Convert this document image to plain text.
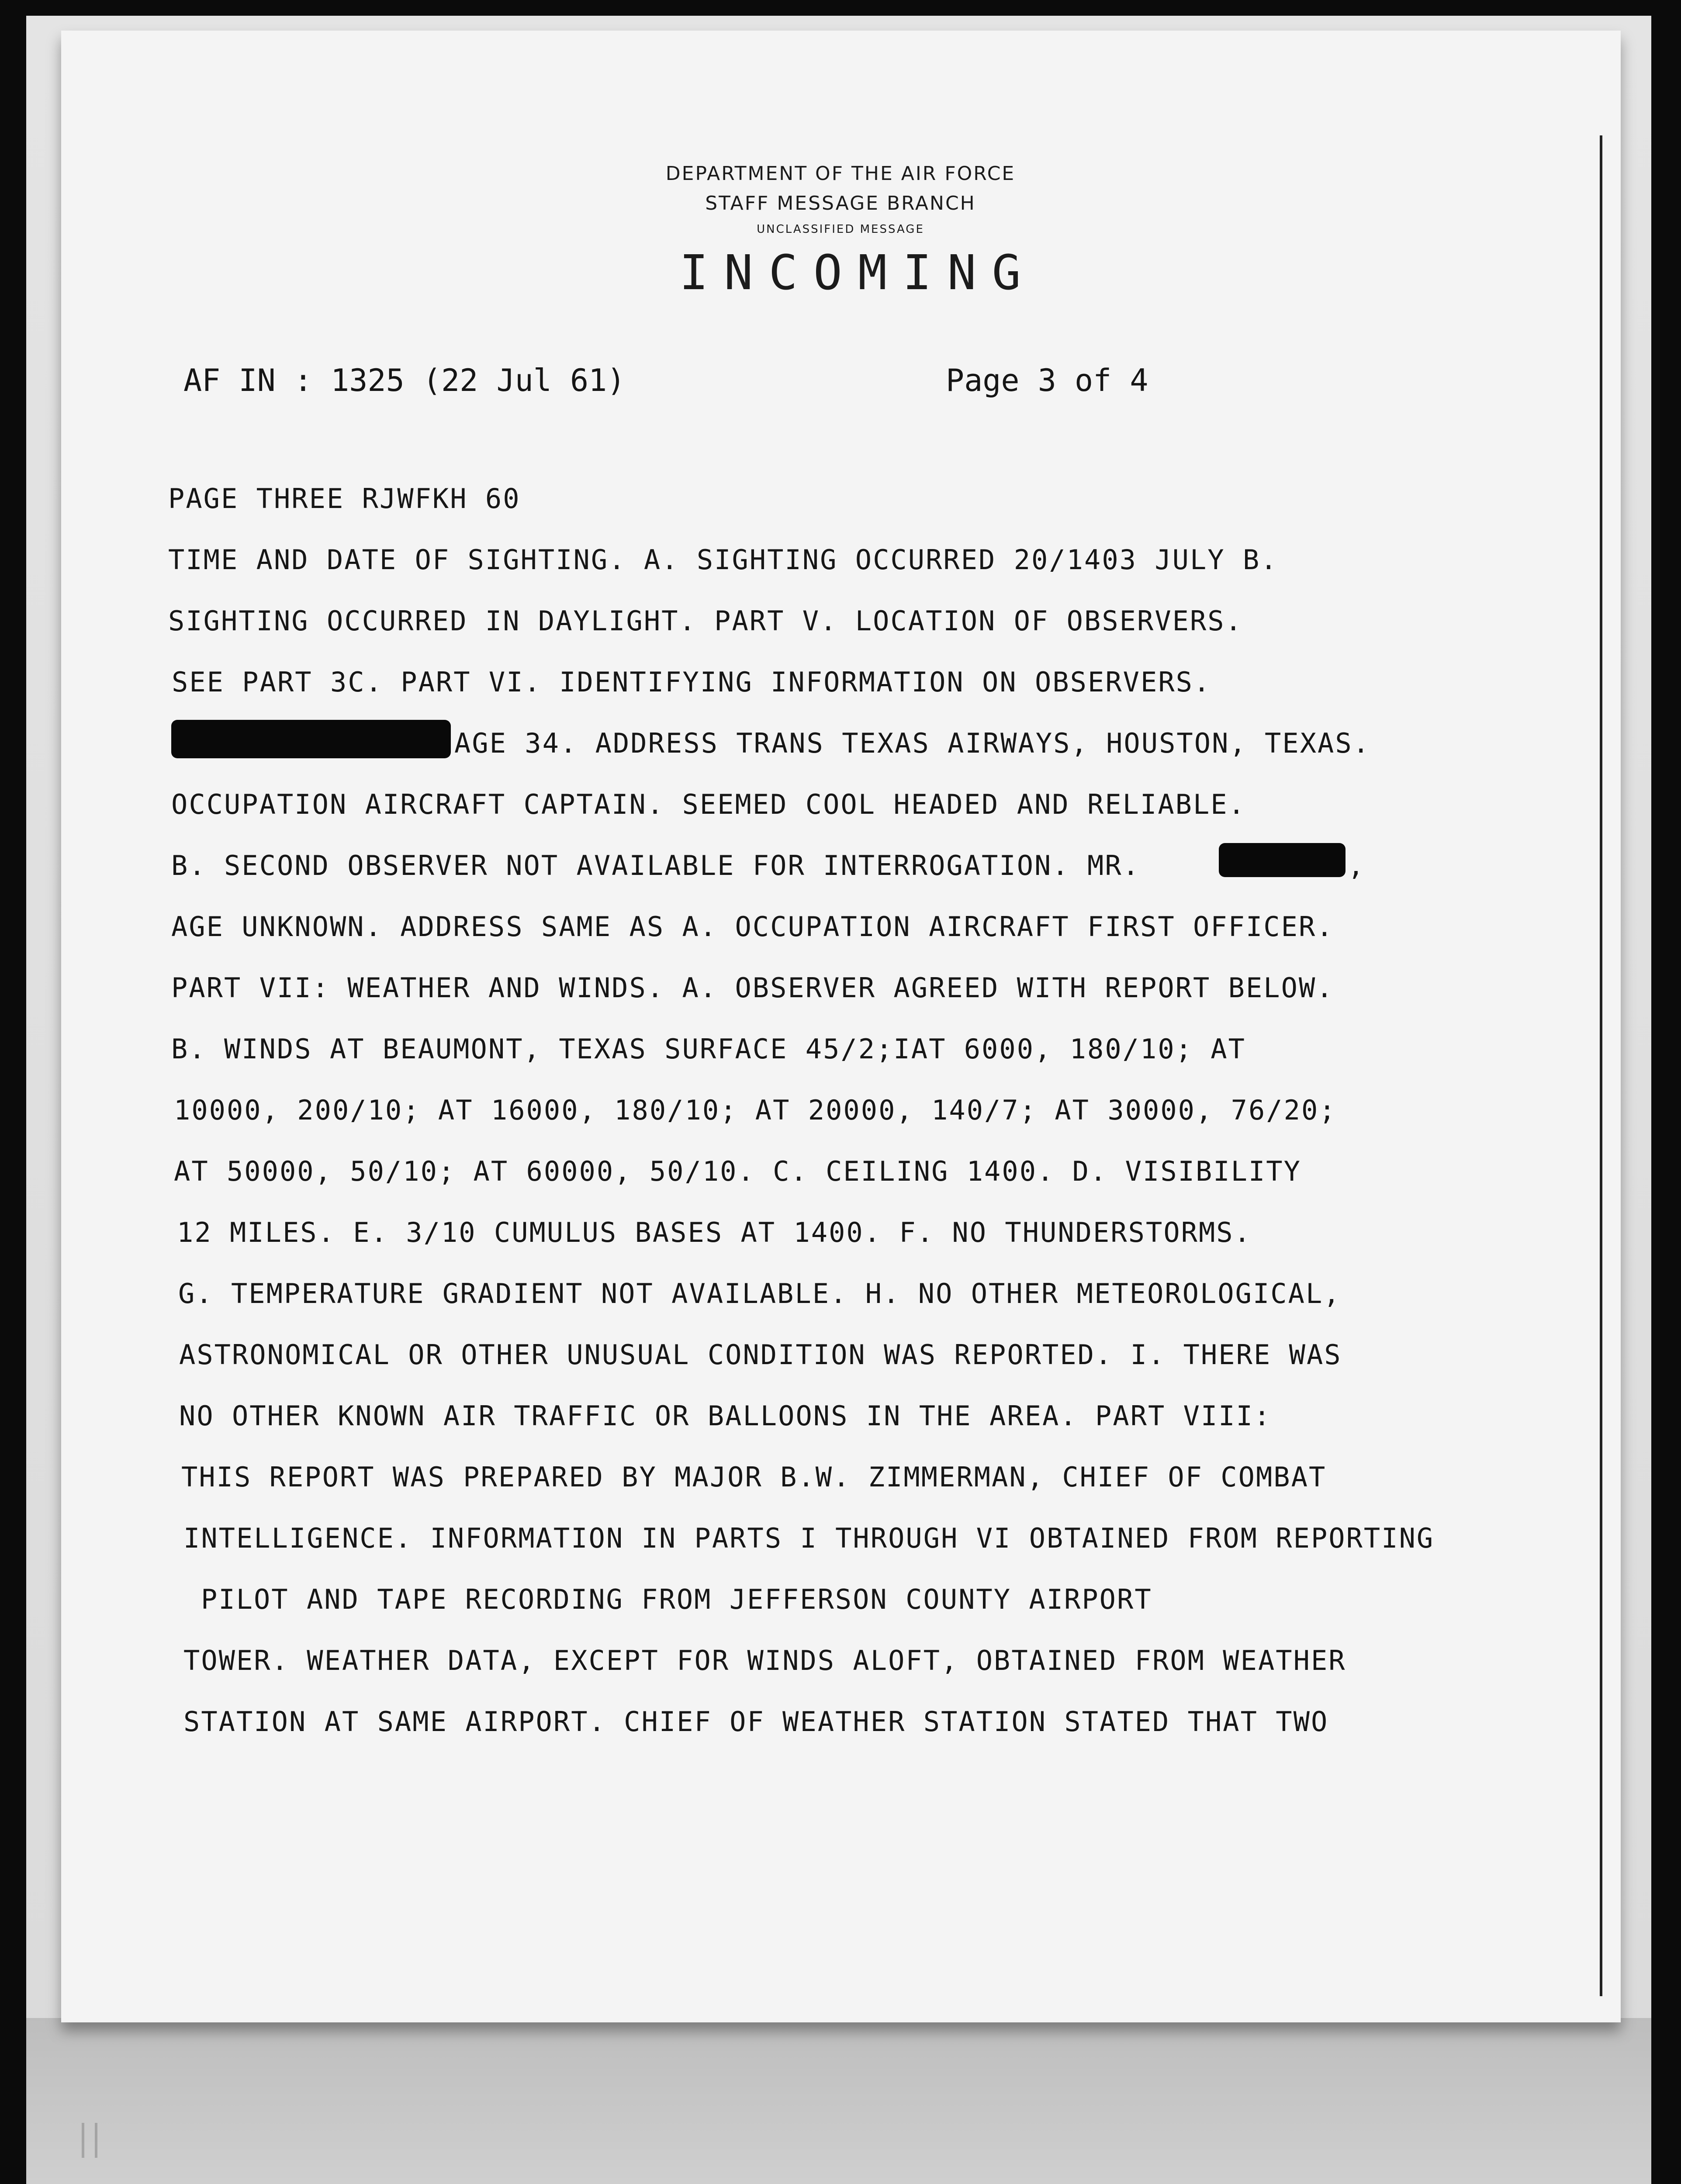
DEPARTMENT OF THE AIR FORCE
STAFF MESSAGE BRANCH
UNCLASSIFIED MESSAGE
INCOMING
AF IN : 1325 (22 Jul 61)	Page 3 of 4
PAGE THREE RJWFKH 60
TIME AND DATE OF SIGHTING. A. SIGHTING OCCURRED 20/1403 JULY B.
SIGHTING OCCURRED IN DAYLIGHT. PART V. LOCATION OF OBSERVERS.
SEE PART 3C. PART VI. IDENTIFYING INFORMATION ON OBSERVERS.
AGE 34. ADDRESS TRANS TEXAS AIRWAYS, HOUSTON, TEXAS.
OCCUPATION AIRCRAFT CAPTAIN. SEEMED COOL HEADED AND RELIABLE.
B. SECOND OBSERVER NOT AVAILABLE FOR INTERROGATION. MR.	,
AGE UNKNOWN. ADDRESS SAME AS A. OCCUPATION AIRCRAFT FIRST OFFICER.
PART VII: WEATHER AND WINDS. A. OBSERVER AGREED WITH REPORT BELOW.
B. WINDS AT BEAUMONT, TEXAS SURFACE 45/2;IAT 6000, 180/10; AT
10000, 200/10; AT 16000, 180/10; AT 20000, 140/7; AT 30000, 76/20;
AT 50000, 50/10; AT 60000, 50/10. C. CEILING 1400. D. VISIBILITY
12 MILES. E. 3/10 CUMULUS BASES AT 1400. F. NO THUNDERSTORMS.
G. TEMPERATURE GRADIENT NOT AVAILABLE. H. NO OTHER METEOROLOGICAL,
ASTRONOMICAL OR OTHER UNUSUAL CONDITION WAS REPORTED. I. THERE WAS
NO OTHER KNOWN AIR TRAFFIC OR BALLOONS IN THE AREA. PART VIII:
THIS REPORT WAS PREPARED BY MAJOR B.W. ZIMMERMAN, CHIEF OF COMBAT
INTELLIGENCE. INFORMATION IN PARTS I THROUGH VI OBTAINED FROM REPORTING
PILOT AND TAPE RECORDING FROM JEFFERSON COUNTY AIRPORT
TOWER. WEATHER DATA, EXCEPT FOR WINDS ALOFT, OBTAINED FROM WEATHER
STATION AT SAME AIRPORT. CHIEF OF WEATHER STATION STATED THAT TWO
